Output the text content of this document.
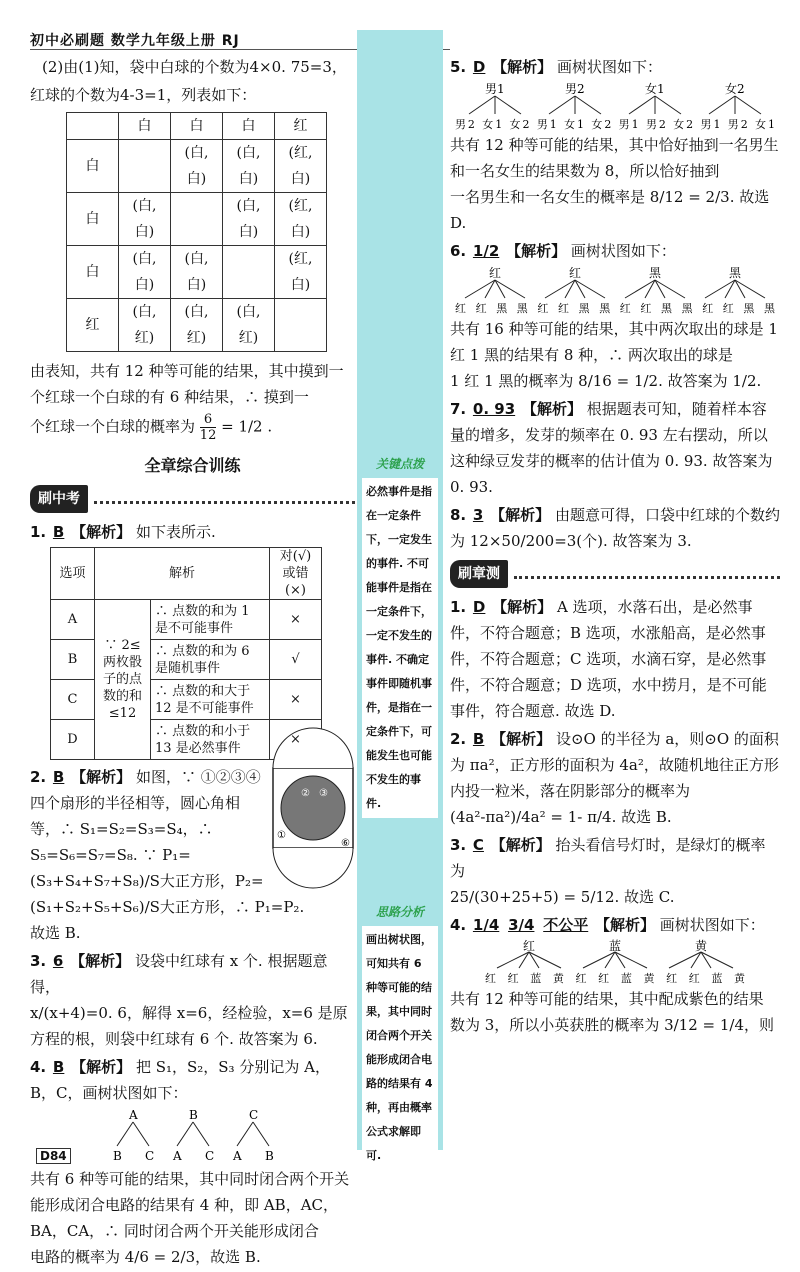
初中必刷题 数学九年级上册 RJ
关键点拨
必然事件是指在一定条件下，一定发生的事件. 不可能事件是指在一定条件下，一定不发生的事件. 不确定事件即随机事件，是指在一定条件下，可能发生也可能不发生的事件.
思路分析
画出树状图，可知共有 6 种等可能的结果，其中同时闭合两个开关能形成闭合电路的结果有 4 种，再由概率公式求解即可.
(2)由(1)知，袋中白球的个数为4×0. 75=3，
红球的个数为4-3=1，列表如下：
	白	白	白	红
白		(白,白)	(白,白)	(红,白)
白	(白,白)		(白,白)	(红,白)
白	(白,白)	(白,白)		(红,白)
红	(白,红)	(白,红)	(白,红)	
由表知，共有 12 种等可能的结果，其中摸到一个红球一个白球的有 6 种结果，∴ 摸到一
个红球一个白球的概率为 $\frac{6}{12} = 1/2$ .
全章综合训练
刷中考
1. B 【解析】 如下表所示.
选项	解析		对(√)或错(×)
A	∵ 2≤两枚骰子的点数的和≤12	∴ 点数的和为 1 是不可能事件	×
B		∴ 点数的和为 6 是随机事件	√
C		∴ 点数的和大于 12 是不可能事件	×
D		∴ 点数的和小于 13 是必然事件	×
② ③
①
⑥
2. B 【解析】 如图，∵ ①②③④四个扇形的半径相等，圆心角相等，∴ S₁=S₂=S₃=S₄，∴ S₅=S₆=S₇=S₈. ∵ P₁=
(S₃+S₄+S₇+S₈)/S大正方形，P₂=(S₁+S₂+S₅+S₆)/S大正方形，∴ P₁=P₂.
故选 B.
3. 6 【解析】 设袋中红球有 x 个. 根据题意得，
x/(x+4)=0. 6，解得 x=6，经检验，x=6 是原方程的根，则袋中红球有 6 个. 故答案为 6.
4. B 【解析】 把 S₁，S₂，S₃ 分别记为 A，B，C，画树状图如下：
A	B	C
B C A C A B
共有 6 种等可能的结果，其中同时闭合两个开关能形成闭合电路的结果有 4 种，即 AB，AC，BA，CA，∴ 同时闭合两个开关能形成闭合
电路的概率为 4/6 = 2/3，故选 B.
5. D 【解析】 画树状图如下：
男1	男2	女1	女2
男2 女1 女2 男1 女1 女2 男1 男2 女2 男1 男2 女1
共有 12 种等可能的结果，其中恰好抽到一名男生和一名女生的结果数为 8，所以恰好抽到
一名男生和一名女生的概率是 8/12 = 2/3. 故选 D.
6. 1/2 【解析】 画树状图如下：
红	红	黑	黑
红 红 黑 黑 红 红 黑 黑 红 红 黑 黑 红 红 黑 黑
共有 16 种等可能的结果，其中两次取出的球是 1 红 1 黑的结果有 8 种，∴ 两次取出的球是
1 红 1 黑的概率为 8/16 = 1/2. 故答案为 1/2.
7. 0. 93 【解析】 根据题表可知，随着样本容量的增多，发芽的频率在 0. 93 左右摆动，所以这种绿豆发芽的概率的估计值为 0. 93. 故答案为 0. 93.
8. 3 【解析】 由题意可得，口袋中红球的个数约
为 12×50/200=3(个). 故答案为 3.
刷章测
1. D 【解析】 A 选项，水落石出，是必然事件，不符合题意；B 选项，水涨船高，是必然事件，不符合题意；C 选项，水滴石穿，是必然事件，不符合题意；D 选项，水中捞月，是不可能事件，符合题意. 故选 D.
2. B 【解析】 设⊙O 的半径为 a，则⊙O 的面积为 πa²，正方形的面积为 4a²，故随机地往正方形内投一粒米，落在阴影部分的概率为
(4a²-πa²)/4a² = 1- π/4. 故选 B.
3. C 【解析】 抬头看信号灯时，是绿灯的概率为
25/(30+25+5) = 5/12. 故选 C.
4. 1/4 3/4 不公平 【解析】 画树状图如下：
红	蓝	黄
红 红 蓝 黄 红 红 蓝 黄 红 红 蓝 黄
共有 12 种等可能的结果，其中配成紫色的结果
数为 3，所以小英获胜的概率为 3/12 = 1/4，则
D84
